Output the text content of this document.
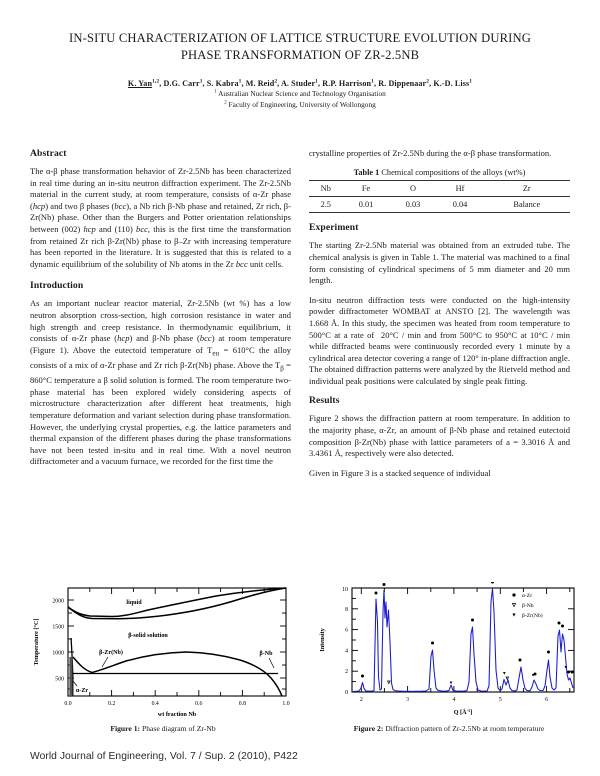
IN-SITU CHARACTERIZATION OF LATTICE STRUCTURE EVOLUTION DURING
PHASE TRANSFORMATION OF ZR-2.5NB
K. Yan$^{1,2}$, D.G. Carr$^1$, S. Kabra$^1$, M. Reid$^2$, A. Studer$^1$, R.P. Harrison$^1$, R. Dippenaar$^2$, K.-D. Liss$^1$
$^1$ Australian Nuclear Science and Technology Organisation
$^2$ Faculty of Engineering, University of Wollongong
Abstract

The α-β phase transformation behavior of Zr-2.5Nb has been characterized in real time during an in-situ neutron diffraction experiment. The Zr-2.5Nb material in the current study, at room temperature, consists of α-Zr phase (hcp) and two β phases (bcc), a Nb rich β-Nb phase and retained, Zr rich, β-Zr(Nb) phase. Other than the Burgers and Potter orientation relationships between (002) hcp and (110) bcc, this is the first time the transformation from retained Zr rich β-Zr(Nb) phase to β–Zr with increasing temperature has been reported in the literature. It is suggested that this is related to a dynamic equilibrium of the solubility of Nb atoms in the Zr bcc unit cells.

Introduction

As an important nuclear reactor material, Zr-2.5Nb (wt %) has a low neutron absorption cross-section, high corrosion resistance in water and high strength and creep resistance. In thermodynamic equilibrium, it consists of α-Zr phase (hcp) and β-Nb phase (bcc) at room temperature (Figure 1). Above the eutectoid temperature of $T_{eu} = 610^\circ C$ the alloy consists of a mix of α-Zr phase and Zr rich β-Zr(Nb) phase. Above the $T_\beta = 860^\circ C$ temperature a β solid solution is formed. The room temperature two-phase material has been explored widely considering aspects of microstructure characterization after different heat treatments, high temperature deformation and variant selection during phase transformation. However, the underlying crystal properties, e.g. the lattice parameters and thermal expansion of the different phases during the phase transformations have not been tested in-situ and in real time. With a novel neutron diffractometer and a vacuum furnace, we recorded for the first time the

crystalline properties of Zr-2.5Nb during the α-β phase transformation.

Table 1 Chemical compositions of the alloys (wt%)
Nb	Fe	O	Hf	Zr
2.5	0.01	0.03	0.04	Balance
Experiment

The starting Zr-2.5Nb material was obtained from an extruded tube. The chemical analysis is given in Table 1. The material was machined to a final form consisting of cylindrical specimens of 5 mm diameter and 20 mm length.

In-situ neutron diffraction tests were conducted on the high-intensity powder diffractometer WOMBAT at ANSTO [2]. The wavelength was 1.668 Å. In this study, the specimen was heated from room temperature to 500°C at a rate of  20°C / min and from 500°C to 950°C at 10°C / min while diffracted beams were continuously recorded every 1 minute by a cylindrical area detector covering a range of 120° in-plane diffraction angle. The obtained diffraction patterns were analyzed by the Rietveld method and individual peak positions were calculated by single peak fitting.

Results

Figure 2 shows the diffraction pattern at room temperature. In addition to the majority phase, α-Zr, an amount of β-Nb phase and retained eutectoid composition β-Zr(Nb) phase with lattice parameters of a = 3.3016 Å and 3.4361 Å, respectively were also detected.

Given in Figure 3 is a stacked sequence of individual

2000
1500
1000
500
0.0	0.2	0.4	0.6	0.8	1.0
Temperature [°C]
wt fraction Nb
liquid
β-solid solution
β-Zr(Nb)	β-Nb
α-Zr
Figure 1: Phase diagram of Zr-Nb
0
2
4
6
8
10
2	3	4	5	6
Intensity
Q $[Å^{-1}]$
α-Zr
β-Nb
β-Zr(Nb)
Figure 2: Diffraction pattern of Zr-2.5Nb at room temperature
World Journal of Engineering, Vol. 7 / Sup. 2 (2010), P422
